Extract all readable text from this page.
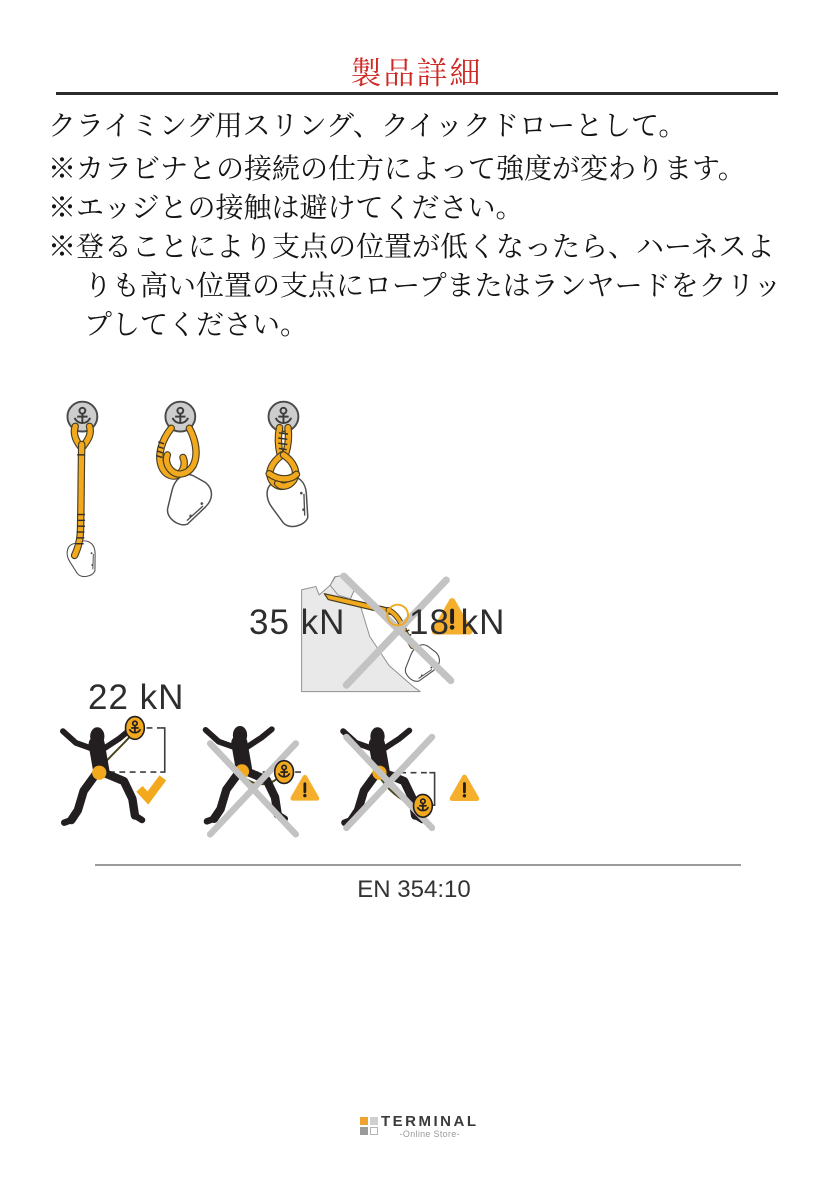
製品詳細

クライミング用スリング、クイックドローとして。

※カラビナとの接続の仕方によって強度が変わります。

※エッジとの接触は避けてください。

※登ることにより支点の位置が低くなったら、ハーネスよりも高い位置の支点にロープまたはランヤードをクリップしてください。

22 kN
35 kN 18 kN
EN 354:10
TERMINAL
-Online Store-
